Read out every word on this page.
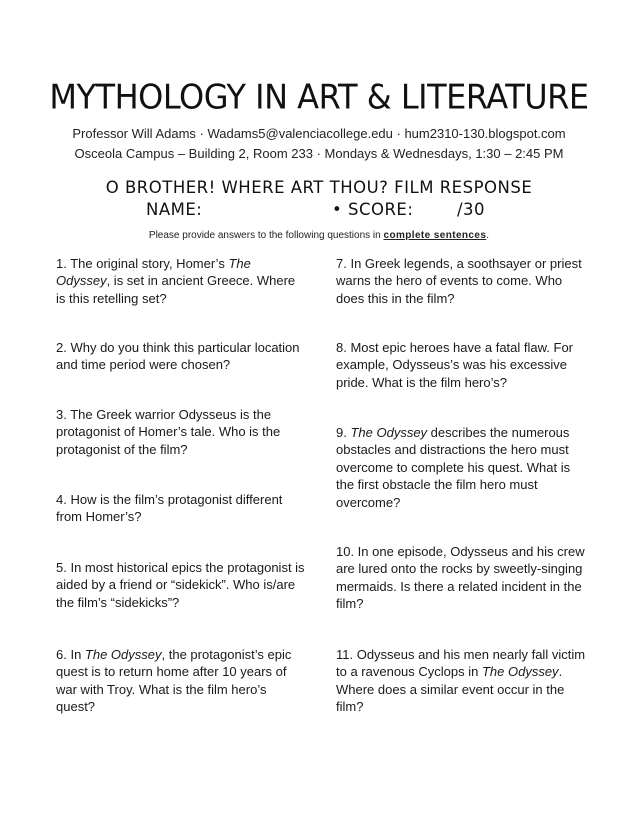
MYTHOLOGY IN ART & LITERATURE
Professor Will Adams · Wadams5@valenciacollege.edu · hum2310-130.blogspot.com
Osceola Campus – Building 2, Room 233 · Mondays & Wednesdays, 1:30 – 2:45 PM
O BROTHER! WHERE ART THOU? FILM RESPONSE
NAME:	• SCORE:	/30
Please provide answers to the following questions in complete sentences.
1. The original story, Homer’s The Odyssey, is set in ancient Greece. Where is this retelling set?
2. Why do you think this particular location and time period were chosen?
3. The Greek warrior Odysseus is the protagonist of Homer’s tale. Who is the protagonist of the film?
4. How is the film’s protagonist different from Homer’s?
5. In most historical epics the protagonist is aided by a friend or “sidekick”. Who is/are the film’s “sidekicks”?
6. In The Odyssey, the protagonist’s epic quest is to return home after 10 years of war with Troy. What is the film hero’s quest?
7. In Greek legends, a soothsayer or priest warns the hero of events to come. Who does this in the film?
8. Most epic heroes have a fatal flaw. For example, Odysseus’s was his excessive pride. What is the film hero’s?
9. The Odyssey describes the numerous obstacles and distractions the hero must overcome to complete his quest. What is the first obstacle the film hero must overcome?
10. In one episode, Odysseus and his crew are lured onto the rocks by sweetly-singing mermaids. Is there a related incident in the film?
11. Odysseus and his men nearly fall victim to a ravenous Cyclops in The Odyssey. Where does a similar event occur in the film?
